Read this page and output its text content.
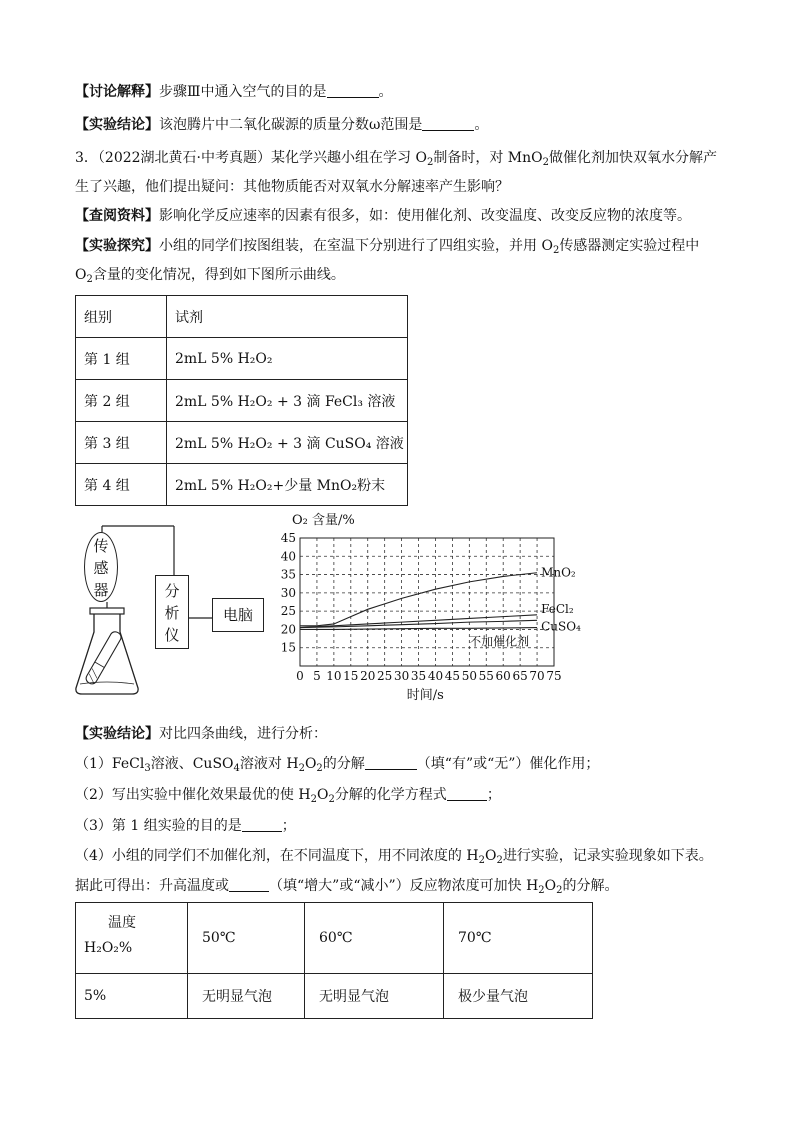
【讨论解释】步骤Ⅲ中通入空气的目的是	。
【实验结论】该泡腾片中二氧化碳源的质量分数ω范围是	。
3．（2022湖北黄石·中考真题）某化学兴趣小组在学习 $O_2$制备时，对 MnO$_2$做催化剂加快双氧水分解产
生了兴趣，他们提出疑问：其他物质能否对双氧水分解速率产生影响？
【查阅资料】影响化学反应速率的因素有很多，如：使用催化剂、改变温度、改变反应物的浓度等。
【实验探究】小组的同学们按图组装，在室温下分别进行了四组实验，并用 $O_2$传感器测定实验过程中
$O_2$含量的变化情况，得到如下图所示曲线。
组别	试剂
第 1 组	2mL 5% H₂O₂
第 2 组	2mL 5% H₂O₂ + 3 滴 FeCl₃ 溶液
第 3 组	2mL 5% H₂O₂ + 3 滴 CuSO₄ 溶液
第 4 组	2mL 5% H₂O₂+少量 MnO₂粉末
传
感
器	分
析
仪
电脑
0 5 10 15 20 25 30 35 40 45 50 55 60 65 70 75
15
20
25
30
35
40
45
O₂ 含量/%
时间/s
MnO₂
FeCl₂
CuSO₄
不加催化剂
【实验结论】对比四条曲线，进行分析：
（1）FeCl$_3$溶液、CuSO$_4$溶液对 $H_2O_2$的分解	（填“有”或“无”）催化作用；
（2）写出实验中催化效果最优的使 $H_2O_2$分解的化学方程式	；
（3）第 1 组实验的目的是	；
（4）小组的同学们不加催化剂，在不同温度下，用不同浓度的 $H_2O_2$进行实验，记录实验现象如下表。
据此可得出：升高温度或	（填“增大”或“减小”）反应物浓度可加快 $H_2O_2$的分解。
温度
H₂O₂%	50℃	60℃	70℃
5%	无明显气泡	无明显气泡	极少量气泡
